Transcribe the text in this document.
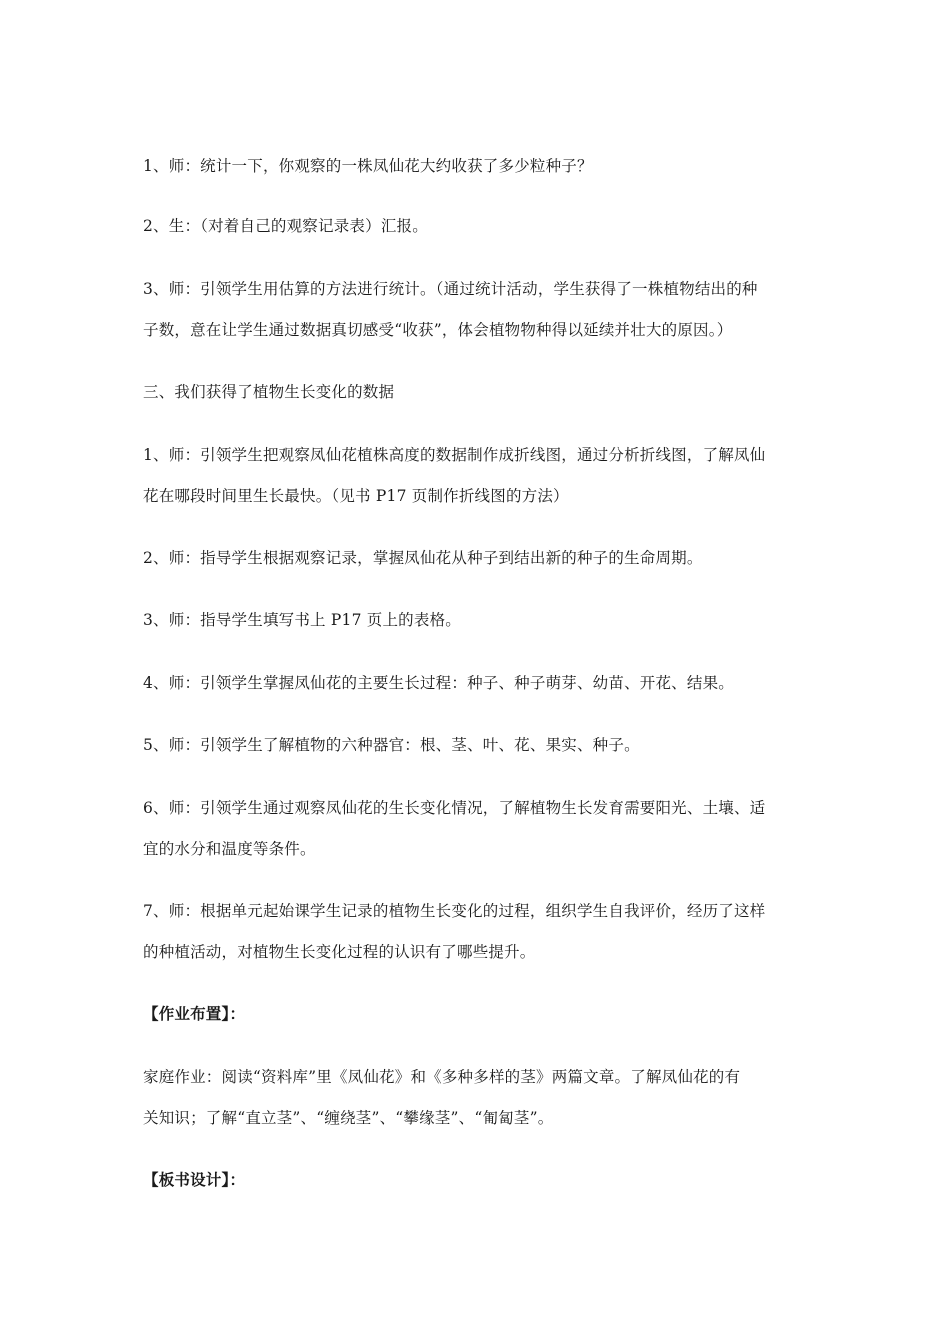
1、师：统计一下，你观察的一株凤仙花大约收获了多少粒种子？
2、生：（对着自己的观察记录表）汇报。
3、师：引领学生用估算的方法进行统计。（通过统计活动，学生获得了一株植物结出的种
子数，意在让学生通过数据真切感受“收获”，体会植物物种得以延续并壮大的原因。）
三、我们获得了植物生长变化的数据
1、师：引领学生把观察凤仙花植株高度的数据制作成折线图，通过分析折线图，了解凤仙
花在哪段时间里生长最快。（见书 P17 页制作折线图的方法）
2、师：指导学生根据观察记录，掌握凤仙花从种子到结出新的种子的生命周期。
3、师：指导学生填写书上 P17 页上的表格。
4、师：引领学生掌握凤仙花的主要生长过程：种子、种子萌芽、幼苗、开花、结果。
5、师：引领学生了解植物的六种器官：根、茎、叶、花、果实、种子。
6、师：引领学生通过观察凤仙花的生长变化情况，了解植物生长发育需要阳光、土壤、适
宜的水分和温度等条件。
7、师：根据单元起始课学生记录的植物生长变化的过程，组织学生自我评价，经历了这样
的种植活动，对植物生长变化过程的认识有了哪些提升。
【作业布置】：
家庭作业：阅读“资料库”里《凤仙花》和《多种多样的茎》两篇文章。了解凤仙花的有
关知识；了解“直立茎”、“缠绕茎”、“攀缘茎”、“匍匐茎”。
【板书设计】：
